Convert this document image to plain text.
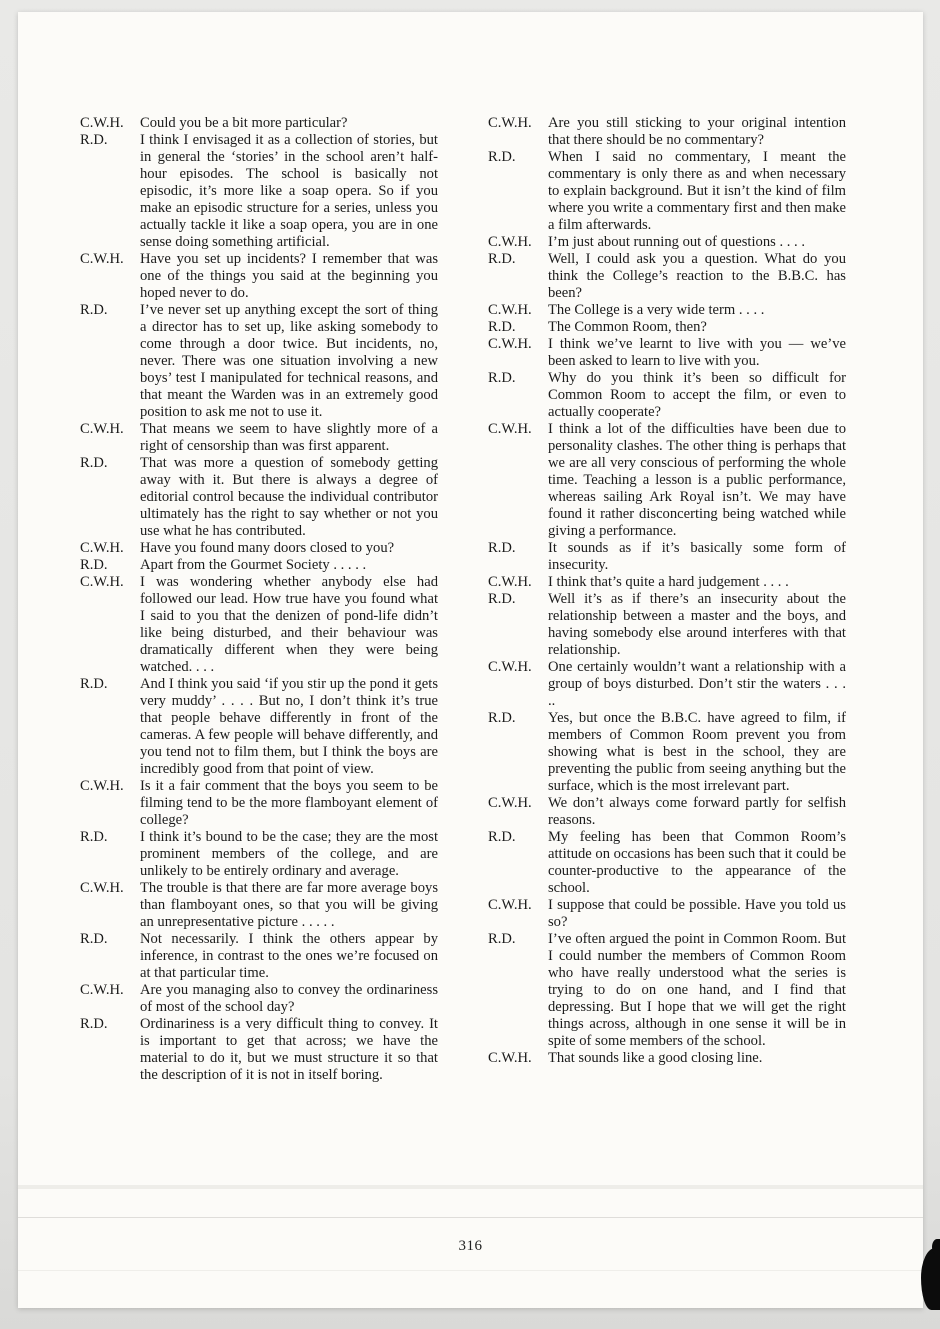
C.W.H.	Could you be a bit more particular?

R.D.	I think I envisaged it as a collection of stories, but in general the ‘stories’ in the school aren’t half-hour episodes. The school is basically not episodic, it’s more like a soap opera. So if you make an episodic structure for a series, unless you actually tackle it like a soap opera, you are in one sense doing something artificial.

C.W.H.	Have you set up incidents? I remember that was one of the things you said at the beginning you hoped never to do.

R.D.	I’ve never set up anything except the sort of thing a director has to set up, like asking somebody to come through a door twice. But incidents, no, never. There was one situation involving a new boys’ test I manipulated for technical reasons, and that meant the Warden was in an extremely good position to ask me not to use it.

C.W.H.	That means we seem to have slightly more of a right of censorship than was first apparent.

R.D.	That was more a question of somebody getting away with it. But there is always a degree of editorial control because the individual contributor ultimately has the right to say whether or not you use what he has contributed.

C.W.H.	Have you found many doors closed to you?

R.D.	Apart from the Gourmet Society . . . . .

C.W.H.	I was wondering whether anybody else had followed our lead. How true have you found what I said to you that the denizen of pond-life didn’t like being disturbed, and their behaviour was dramatically different when they were being watched. . . .

R.D.	And I think you said ‘if you stir up the pond it gets very muddy’ . . . . But no, I don’t think it’s true that people behave differently in front of the cameras. A few people will behave differently, and you tend not to film them, but I think the boys are incredibly good from that point of view.

C.W.H.	Is it a fair comment that the boys you seem to be filming tend to be the more flamboyant element of college?

R.D.	I think it’s bound to be the case; they are the most prominent members of the college, and are unlikely to be entirely ordinary and average.

C.W.H.	The trouble is that there are far more average boys than flamboyant ones, so that you will be giving an unrepresentative picture . . . . .

R.D.	Not necessarily. I think the others appear by inference, in contrast to the ones we’re focused on at that particular time.

C.W.H.	Are you managing also to convey the ordinariness of most of the school day?

R.D.	Ordinariness is a very difficult thing to convey. It is important to get that across; we have the material to do it, but we must structure it so that the description of it is not in itself boring.

C.W.H.	Are you still sticking to your original intention that there should be no commentary?

R.D.	When I said no commentary, I meant the commentary is only there as and when necessary to explain background. But it isn’t the kind of film where you write a commentary first and then make a film afterwards.

C.W.H.	I’m just about running out of questions . . . .

R.D.	Well, I could ask you a question. What do you think the College’s reaction to the B.B.C. has been?

C.W.H.	The College is a very wide term . . . .

R.D.	The Common Room, then?

C.W.H.	I think we’ve learnt to live with you — we’ve been asked to learn to live with you.

R.D.	Why do you think it’s been so difficult for Common Room to accept the film, or even to actually cooperate?

C.W.H.	I think a lot of the difficulties have been due to personality clashes. The other thing is perhaps that we are all very conscious of performing the whole time. Teaching a lesson is a public performance, whereas sailing Ark Royal isn’t. We may have found it rather disconcerting being watched while giving a performance.

R.D.	It sounds as if it’s basically some form of insecurity.

C.W.H.	I think that’s quite a hard judgement . . . .

R.D.	Well it’s as if there’s an insecurity about the relationship between a master and the boys, and having somebody else around interferes with that relationship.

C.W.H.	One certainly wouldn’t want a relationship with a group of boys disturbed. Don’t stir the waters . . . ..

R.D.	Yes, but once the B.B.C. have agreed to film, if members of Common Room prevent you from showing what is best in the school, they are preventing the public from seeing anything but the surface, which is the most irrelevant part.

C.W.H.	We don’t always come forward partly for selfish reasons.

R.D.	My feeling has been that Common Room’s attitude on occasions has been such that it could be counter-productive to the appearance of the school.

C.W.H.	I suppose that could be possible. Have you told us so?

R.D.	I’ve often argued the point in Common Room. But I could number the members of Common Room who have really understood what the series is trying to do on one hand, and I find that depressing. But I hope that we will get the right things across, although in one sense it will be in spite of some members of the school.

C.W.H.	That sounds like a good closing line.

316
